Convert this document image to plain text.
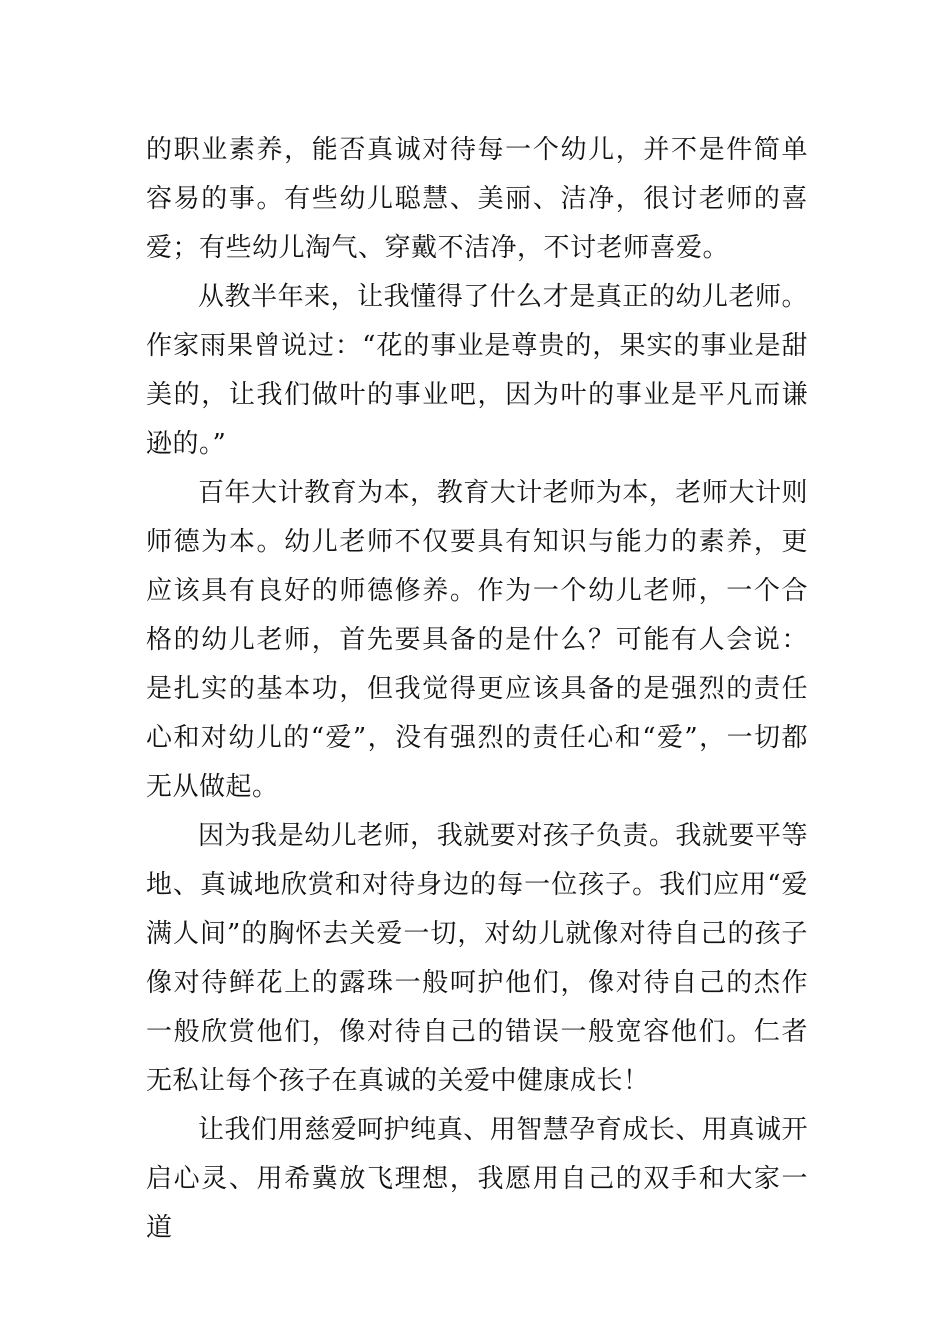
的职业素养，能否真诚对待每一个幼儿，并不是件简单容易的事。有些幼儿聪慧、美丽、洁净，很讨老师的喜爱；有些幼儿淘气、穿戴不洁净，不讨老师喜爱。

从教半年来，让我懂得了什么才是真正的幼儿老师。作家雨果曾说过：“花的事业是尊贵的，果实的事业是甜美的，让我们做叶的事业吧，因为叶的事业是平凡而谦逊的。”

百年大计教育为本，教育大计老师为本，老师大计则师德为本。幼儿老师不仅要具有知识与能力的素养，更应该具有良好的师德修养。作为一个幼儿老师，一个合格的幼儿老师，首先要具备的是什么？可能有人会说：是扎实的基本功，但我觉得更应该具备的是强烈的责任心和对幼儿的“爱”，没有强烈的责任心和“爱”，一切都无从做起。

因为我是幼儿老师，我就要对孩子负责。我就要平等地、真诚地欣赏和对待身边的每一位孩子。我们应用“爱满人间”的胸怀去关爱一切，对幼儿就像对待自己的孩子像对待鲜花上的露珠一般呵护他们，像对待自己的杰作一般欣赏他们，像对待自己的错误一般宽容他们。仁者无私让每个孩子在真诚的关爱中健康成长！

让我们用慈爱呵护纯真、用智慧孕育成长、用真诚开启心灵、用希冀放飞理想，我愿用自己的双手和大家一道
